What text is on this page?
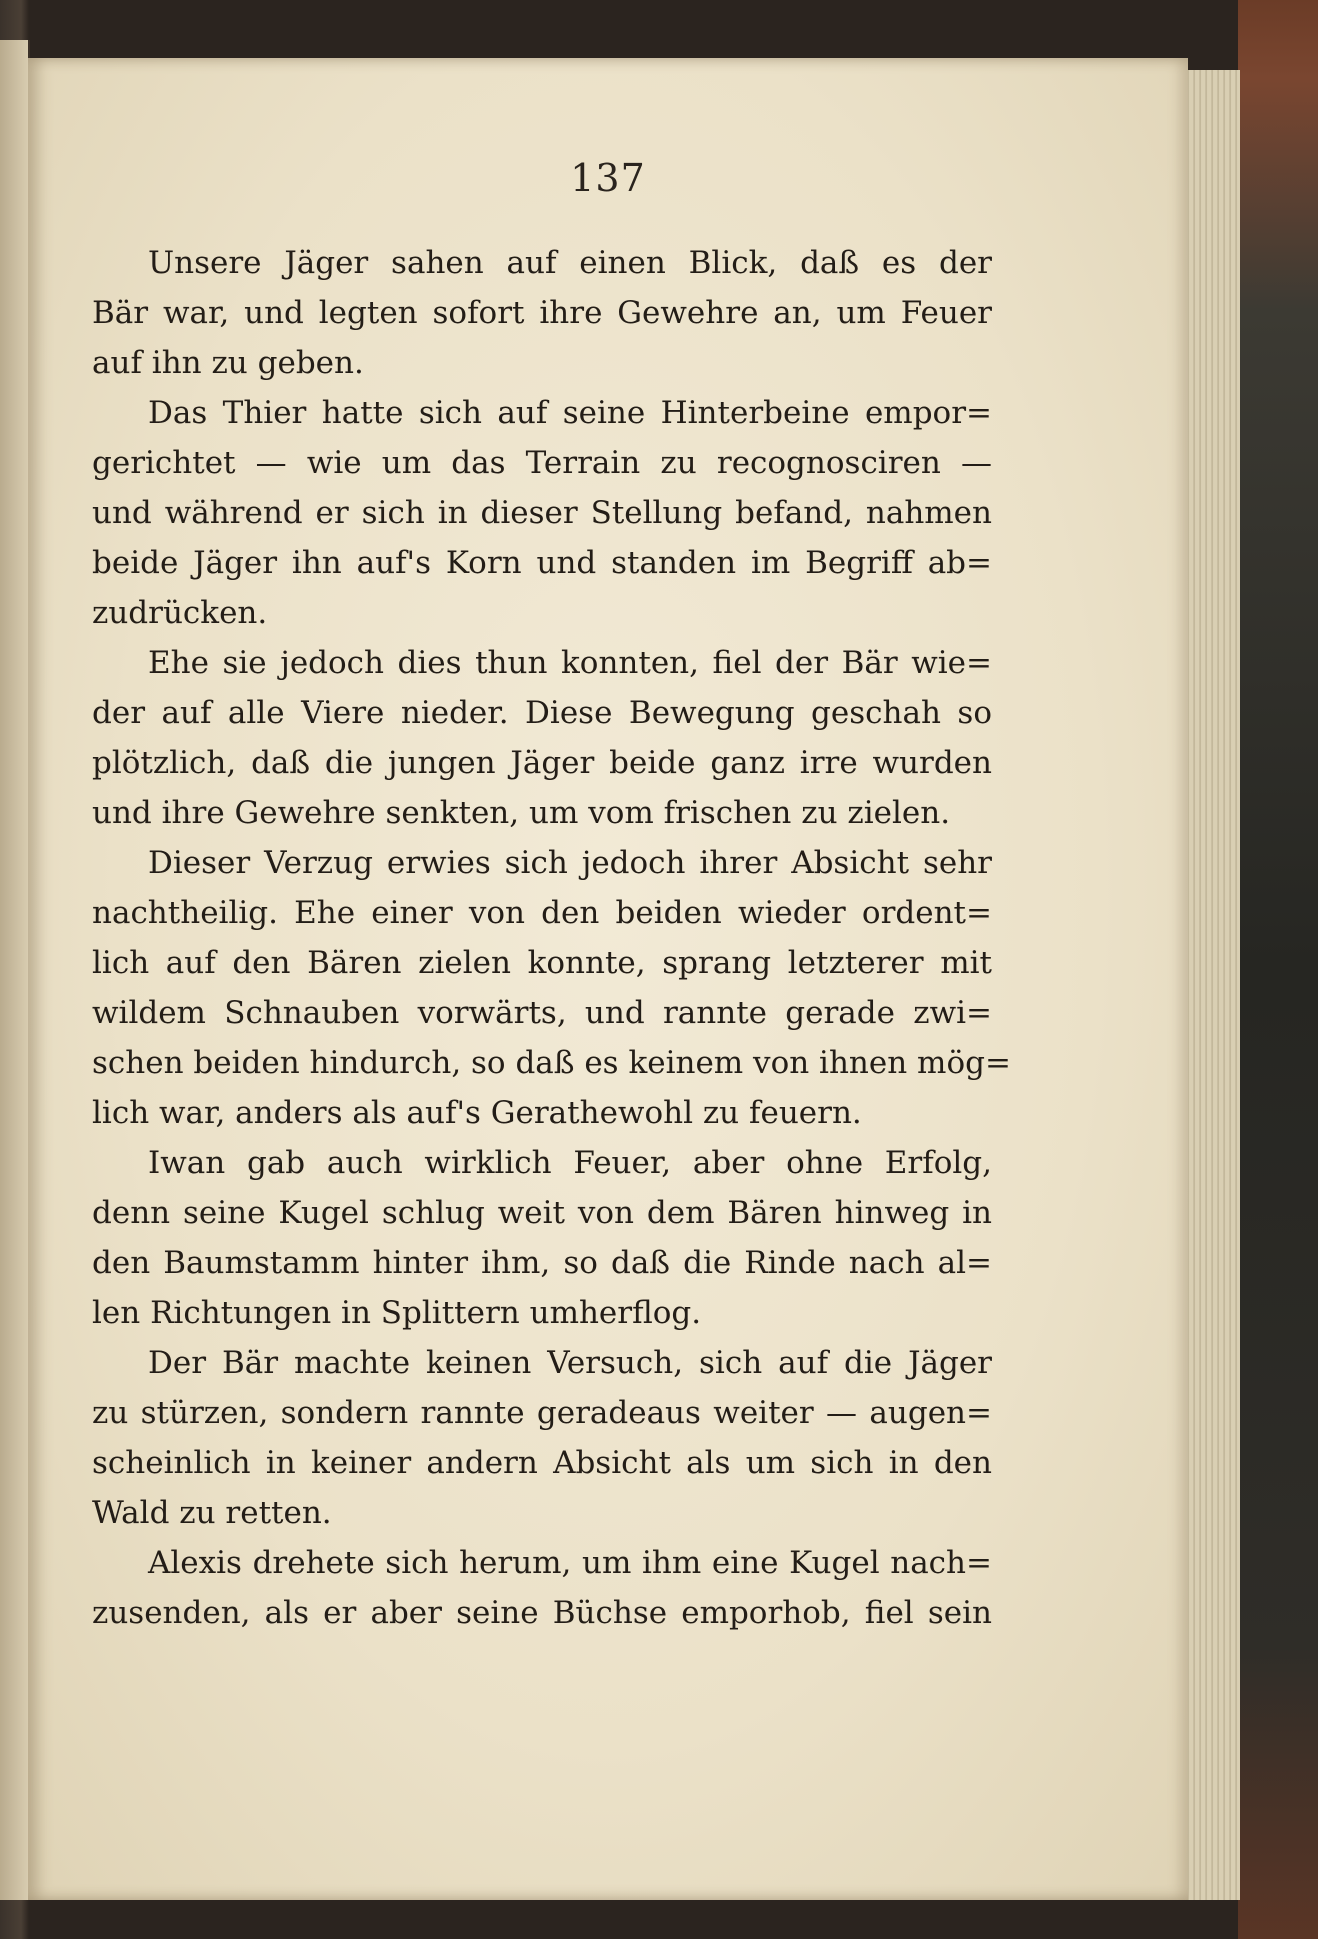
137
Unsere Jäger sahen auf einen Blick, daß es der
Bär war, und legten sofort ihre Gewehre an, um Feuer
auf ihn zu geben.
Das Thier hatte sich auf seine Hinterbeine empor=
gerichtet — wie um das Terrain zu recognosciren —
und während er sich in dieser Stellung befand, nahmen
beide Jäger ihn auf's Korn und standen im Begriff ab=
zudrücken.
Ehe sie jedoch dies thun konnten, fiel der Bär wie=
der auf alle Viere nieder. Diese Bewegung geschah so
plötzlich, daß die jungen Jäger beide ganz irre wurden
und ihre Gewehre senkten, um vom frischen zu zielen.
Dieser Verzug erwies sich jedoch ihrer Absicht sehr
nachtheilig. Ehe einer von den beiden wieder ordent=
lich auf den Bären zielen konnte, sprang letzterer mit
wildem Schnauben vorwärts, und rannte gerade zwi=
schen beiden hindurch, so daß es keinem von ihnen mög=
lich war, anders als auf's Gerathewohl zu feuern.
Iwan gab auch wirklich Feuer, aber ohne Erfolg,
denn seine Kugel schlug weit von dem Bären hinweg in
den Baumstamm hinter ihm, so daß die Rinde nach al=
len Richtungen in Splittern umherflog.
Der Bär machte keinen Versuch, sich auf die Jäger
zu stürzen, sondern rannte geradeaus weiter — augen=
scheinlich in keiner andern Absicht als um sich in den
Wald zu retten.
Alexis drehete sich herum, um ihm eine Kugel nach=
zusenden, als er aber seine Büchse emporhob, fiel sein
